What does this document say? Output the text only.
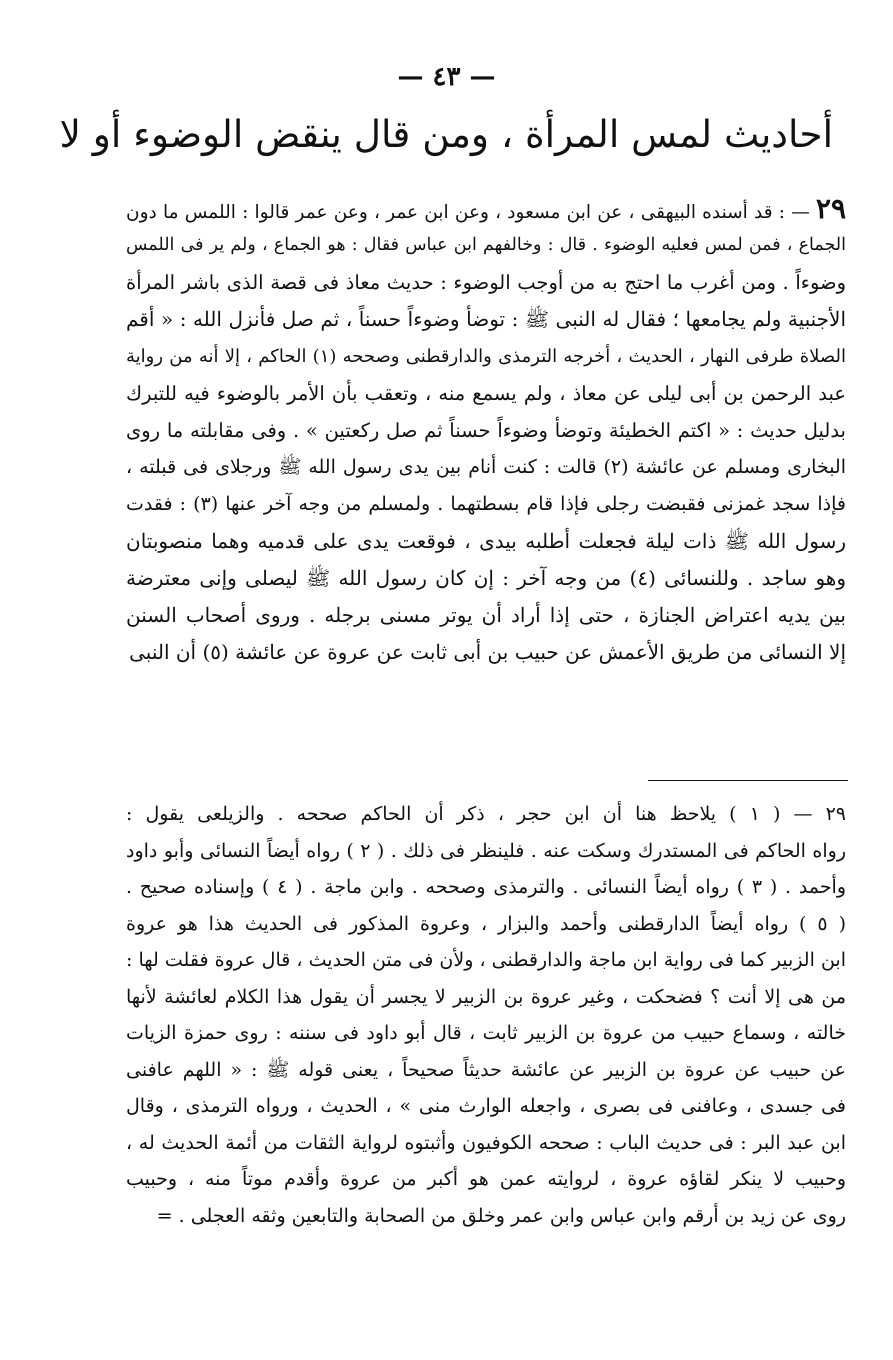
— ٤٣ —
أحاديث لمس المرأة ، ومن قال ينقض الوضوء أو لا
٢٩ — : قد أسنده البيهقى ، عن ابن مسعود ، وعن ابن عمر ، وعن عمر قالوا : اللمس ما دون
الجماع ، فمن لمس فعليه الوضوء . قال : وخالفهم ابن عباس فقال : هو الجماع ، ولم ير فى اللمس
وضوءاً . ومن أغرب ما احتج به من أوجب الوضوء : حديث معاذ فى قصة الذى باشر المرأة
الأجنبية ولم يجامعها ؛ فقال له النبى ﷺ : توضأ وضوءاً حسناً ، ثم صل فأنزل الله : « أقم
الصلاة طرفى النهار ، الحديث ، أخرجه الترمذى والدارقطنى وصححه (١) الحاكم ، إلا أنه من رواية
عبد الرحمن بن أبى ليلى عن معاذ ، ولم يسمع منه ، وتعقب بأن الأمر بالوضوء فيه للتبرك
بدليل حديث : « اكتم الخطيئة وتوضأ وضوءاً حسناً ثم صل ركعتين » . وفى مقابلته ما روى
البخارى ومسلم عن عائشة (٢) قالت : كنت أنام بين يدى رسول الله ﷺ ورجلاى فى قبلته ،
فإذا سجد غمزنى فقبضت رجلى فإذا قام بسطتهما . ولمسلم من وجه آخر عنها (٣) : فقدت
رسول الله ﷺ ذات ليلة فجعلت أطلبه بيدى ، فوقعت يدى على قدميه وهما منصوبتان
وهو ساجد . وللنسائى (٤) من وجه آخر : إن كان رسول الله ﷺ ليصلى وإنى معترضة
بين يديه اعتراض الجنازة ، حتى إذا أراد أن يوتر مسنى برجله . وروى أصحاب السنن
إلا النسائى من طريق الأعمش عن حبيب بن أبى ثابت عن عروة عن عائشة (٥) أن النبى
٢٩ — ( ١ ) يلاحظ هنا أن ابن حجر ، ذكر أن الحاكم صححه . والزيلعى يقول :
رواه الحاكم فى المستدرك وسكت عنه . فلينظر فى ذلك . ( ٢ ) رواه أيضاً النسائى وأبو داود
وأحمد . ( ٣ ) رواه أيضاً النسائى . والترمذى وصححه . وابن ماجة . ( ٤ ) وإسناده صحيح .
( ٥ ) رواه أيضاً الدارقطنى وأحمد والبزار ، وعروة المذكور فى الحديث هذا هو عروة
ابن الزبير كما فى رواية ابن ماجة والدارقطنى ، ولأن فى متن الحديث ، قال عروة فقلت لها :
من هى إلا أنت ؟ فضحكت ، وغير عروة بن الزبير لا يجسر أن يقول هذا الكلام لعائشة لأنها
خالته ، وسماع حبيب من عروة بن الزبير ثابت ، قال أبو داود فى سننه : روى حمزة الزيات
عن حبيب عن عروة بن الزبير عن عائشة حديثاً صحيحاً ، يعنى قوله ﷺ : « اللهم عافنى
فى جسدى ، وعافنى فى بصرى ، واجعله الوارث منى » ، الحديث ، ورواه الترمذى ، وقال
ابن عبد البر : فى حديث الباب : صححه الكوفيون وأثبتوه لرواية الثقات من أئمة الحديث له ،
وحبيب لا ينكر لقاؤه عروة ، لروايته عمن هو أكبر من عروة وأقدم موتاً منه ، وحبيب
روى عن زيد بن أرقم وابن عباس وابن عمر وخلق من الصحابة والتابعين وثقه العجلى . =
